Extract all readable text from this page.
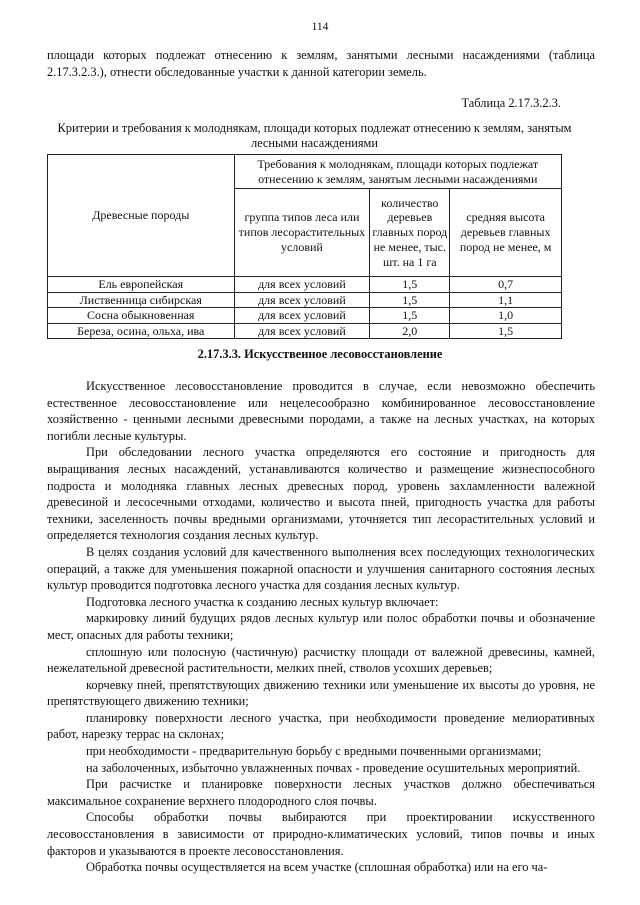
114
площади которых подлежат отнесению к землям, занятыми лесными насаждениями (таблица 2.17.3.2.3.), отнести обследованные участки к данной категории земель.
Таблица 2.17.3.2.3.
Критерии и требования к молоднякам, площади которых подлежат отнесению к землям, занятым лесными насаждениями
Древесные породы	Требования к молоднякам, площади которых подлежат отнесению к землям, занятым лесными насаждениями		
	группа типов леса или типов лесорастительных условий	количество деревьев главных пород не менее, тыс. шт. на 1 га	средняя высота деревьев главных пород не менее, м
Ель европейская	для всех условий	1,5	0,7
Лиственница сибирская	для всех условий	1,5	1,1
Сосна обыкновенная	для всех условий	1,5	1,0
Береза, осина, ольха, ива	для всех условий	2,0	1,5
2.17.3.3. Искусственное лесовосстановление

Искусственное лесовосстановление проводится в случае, если невозможно обеспечить естественное лесовосстановление или нецелесообразно комбинированное лесовосстановление хозяйственно - ценными лесными древесными породами, а также на лесных участках, на которых погибли лесные культуры.

При обследовании лесного участка определяются его состояние и пригодность для выращивания лесных насаждений, устанавливаются количество и размещение жизнеспособного подроста и молодняка главных лесных древесных пород, уровень захламленности валежной древесиной и лесосечными отходами, количество и высота пней, пригодность участка для работы техники, заселенность почвы вредными организмами, уточняется тип лесорастительных условий и определяется технология создания лесных культур.

В целях создания условий для качественного выполнения всех последующих технологических операций, а также для уменьшения пожарной опасности и улучшения санитарного состояния лесных культур проводится подготовка лесного участка для создания лесных культур.

Подготовка лесного участка к созданию лесных культур включает:

маркировку линий будущих рядов лесных культур или полос обработки почвы и обозначение мест, опасных для работы техники;

сплошную или полосную (частичную) расчистку площади от валежной древесины, камней, нежелательной древесной растительности, мелких пней, стволов усохших деревьев;

корчевку пней, препятствующих движению техники или уменьшение их высоты до уровня, не препятствующего движению техники;

планировку поверхности лесного участка, при необходимости проведение мелиоративных работ, нарезку террас на склонах;

при необходимости - предварительную борьбу с вредными почвенными организмами;

на заболоченных, избыточно увлажненных почвах - проведение осушительных мероприятий.

При расчистке и планировке поверхности лесных участков должно обеспечиваться максимальное сохранение верхнего плодородного слоя почвы.

Способы обработки почвы выбираются при проектировании искусственного лесовосстановления в зависимости от природно-климатических условий, типов почвы и иных факторов и указываются в проекте лесовосстановления.

Обработка почвы осуществляется на всем участке (сплошная обработка) или на его ча-
